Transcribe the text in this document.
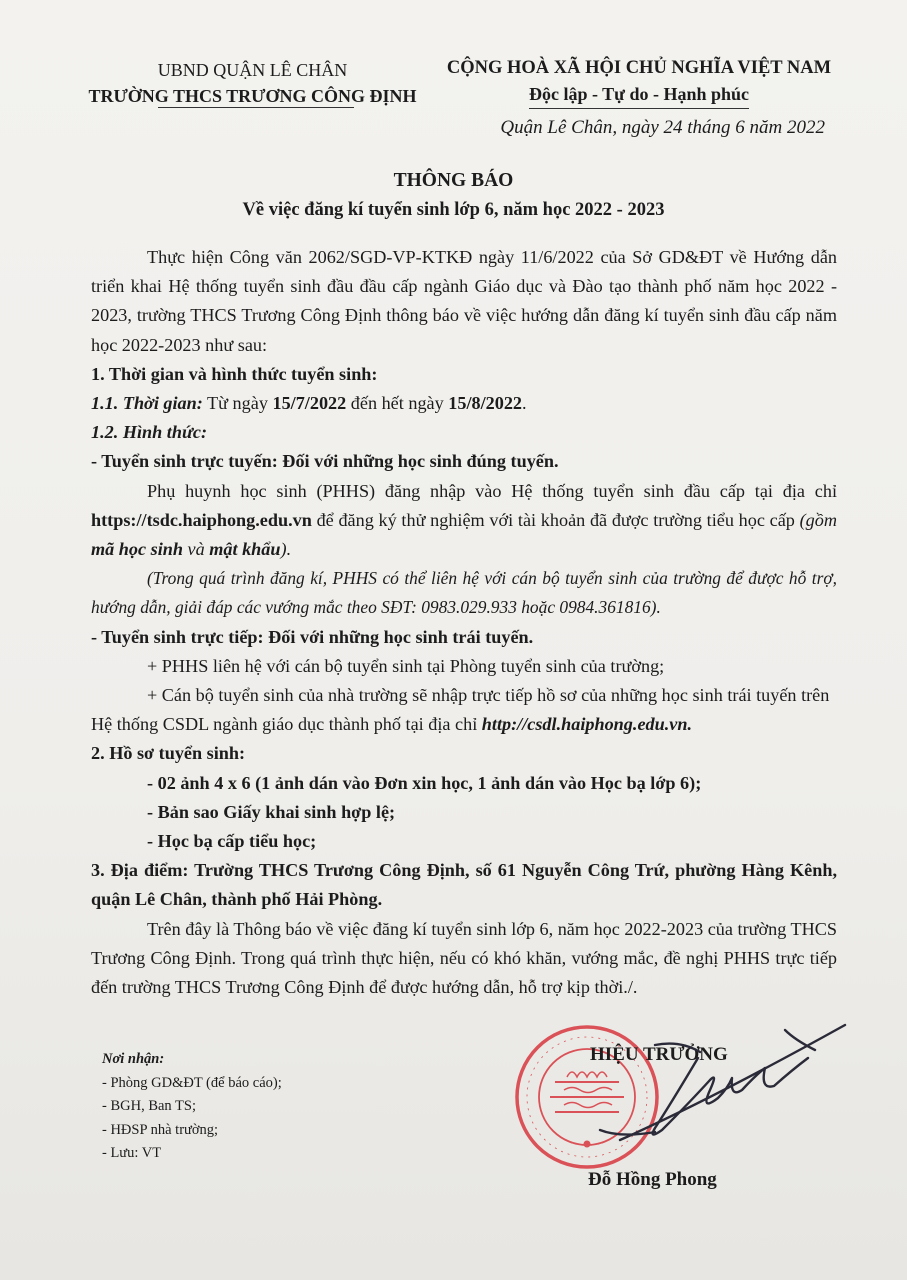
UBND QUẬN LÊ CHÂN
TRƯỜNG THCS TRƯƠNG CÔNG ĐỊNH
CỘNG HOÀ XÃ HỘI CHỦ NGHĨA VIỆT NAM
Độc lập - Tự do - Hạnh phúc
Quận Lê Chân, ngày 24 tháng 6 năm 2022
THÔNG BÁO
Về việc đăng kí tuyển sinh lớp 6, năm học 2022 - 2023

Thực hiện Công văn 2062/SGD-VP-KTKĐ ngày 11/6/2022 của Sở GD&ĐT về Hướng dẫn triển khai Hệ thống tuyển sinh đầu đầu cấp ngành Giáo dục và Đào tạo thành phố năm học 2022 - 2023, trường THCS Trương Công Định thông báo về việc hướng dẫn đăng kí tuyển sinh đầu cấp năm học 2022-2023 như sau:

1. Thời gian và hình thức tuyển sinh:

1.1. Thời gian: Từ ngày 15/7/2022 đến hết ngày 15/8/2022.

1.2. Hình thức:

- Tuyển sinh trực tuyến: Đối với những học sinh đúng tuyến.

Phụ huynh học sinh (PHHS) đăng nhập vào Hệ thống tuyển sinh đầu cấp tại địa chỉ https://tsdc.haiphong.edu.vn để đăng ký thử nghiệm với tài khoản đã được trường tiểu học cấp (gồm mã học sinh và mật khẩu).

(Trong quá trình đăng kí, PHHS có thể liên hệ với cán bộ tuyển sinh của trường để được hỗ trợ, hướng dẫn, giải đáp các vướng mắc theo SĐT: 0983.029.933 hoặc 0984.361816).

- Tuyển sinh trực tiếp: Đối với những học sinh trái tuyến.

+ PHHS liên hệ với cán bộ tuyển sinh tại Phòng tuyển sinh của trường;

+ Cán bộ tuyển sinh của nhà trường sẽ nhập trực tiếp hồ sơ của những học sinh trái tuyến trên Hệ thống CSDL ngành giáo dục thành phố tại địa chỉ http://csdl.haiphong.edu.vn.

2. Hồ sơ tuyển sinh:

- 02 ảnh 4 x 6 (1 ảnh dán vào Đơn xin học, 1 ảnh dán vào Học bạ lớp 6);

- Bản sao Giấy khai sinh hợp lệ;

- Học bạ cấp tiểu học;

3. Địa điểm: Trường THCS Trương Công Định, số 61 Nguyễn Công Trứ, phường Hàng Kênh, quận Lê Chân, thành phố Hải Phòng.

Trên đây là Thông báo về việc đăng kí tuyển sinh lớp 6, năm học 2022-2023 của trường THCS Trương Công Định. Trong quá trình thực hiện, nếu có khó khăn, vướng mắc, đề nghị PHHS trực tiếp đến trường THCS Trương Công Định để được hướng dẫn, hỗ trợ kịp thời./.

Nơi nhận:
- Phòng GD&ĐT (để báo cáo);
- BGH, Ban TS;
- HĐSP nhà trường;
- Lưu: VT
HIỆU TRƯỞNG
Đỗ Hồng Phong
